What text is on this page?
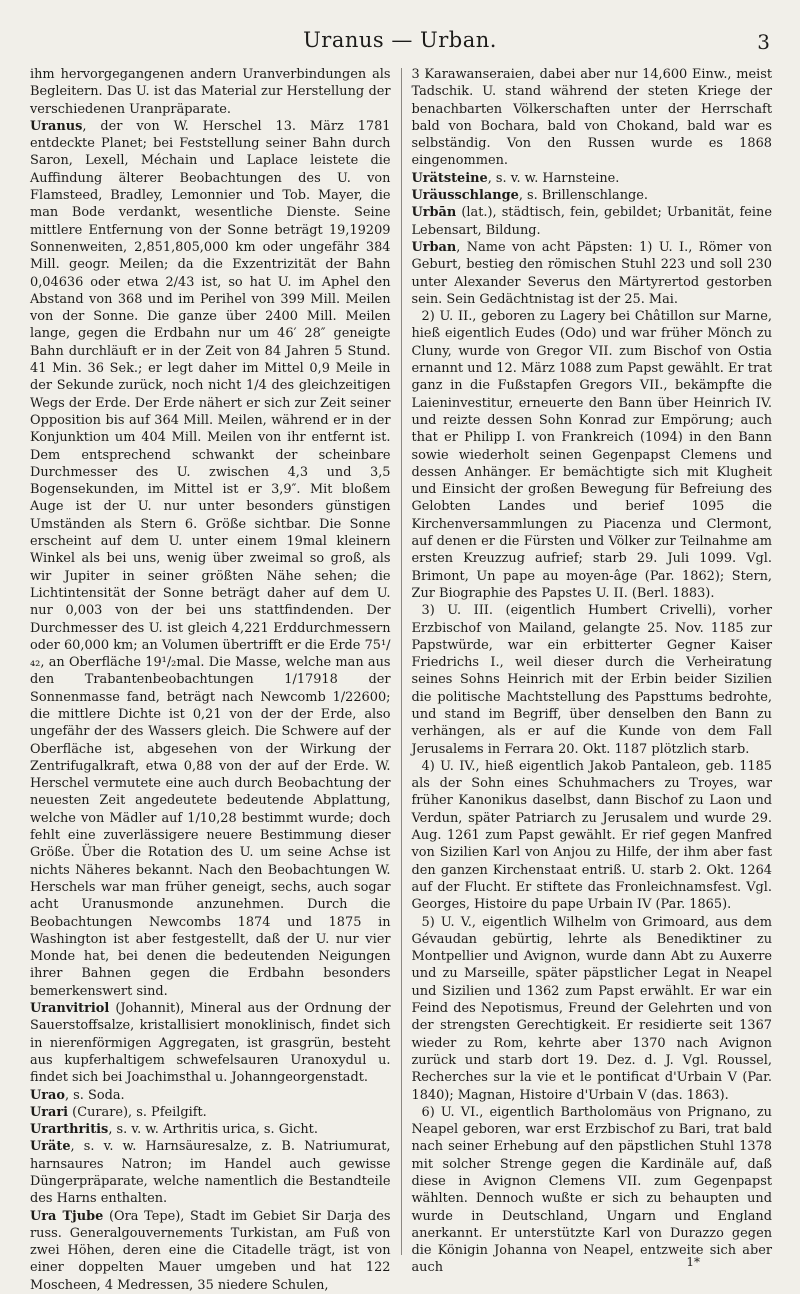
Uranus — Urban.	3

ihm hervorgegangenen andern Uranverbindungen als Begleitern. Das U. ist das Material zur Herstellung der verschiedenen Uranpräparate.

Uranus, der von W. Herschel 13. März 1781 entdeckte Planet; bei Feststellung seiner Bahn durch Saron, Lexell, Méchain und Laplace leistete die Auffindung älterer Beobachtungen des U. von Flamsteed, Bradley, Lemonnier und Tob. Mayer, die man Bode verdankt, wesentliche Dienste. Seine mittlere Entfernung von der Sonne beträgt 19,19209 Sonnenweiten, 2,851,805,000 km oder ungefähr 384 Mill. geogr. Meilen; da die Exzentrizität der Bahn 0,04636 oder etwa 2/43 ist, so hat U. im Aphel den Abstand von 368 und im Perihel von 399 Mill. Meilen von der Sonne. Die ganze über 2400 Mill. Meilen lange, gegen die Erdbahn nur um 46′ 28″ geneigte Bahn durchläuft er in der Zeit von 84 Jahren 5 Stund. 41 Min. 36 Sek.; er legt daher im Mittel 0,9 Meile in der Sekunde zurück, noch nicht 1/4 des gleichzeitigen Wegs der Erde. Der Erde nähert er sich zur Zeit seiner Opposition bis auf 364 Mill. Meilen, während er in der Konjunktion um 404 Mill. Meilen von ihr entfernt ist. Dem entsprechend schwankt der scheinbare Durchmesser des U. zwischen 4,3 und 3,5 Bogensekunden, im Mittel ist er 3,9″. Mit bloßem Auge ist der U. nur unter besonders günstigen Umständen als Stern 6. Größe sichtbar. Die Sonne erscheint auf dem U. unter einem 19mal kleinern Winkel als bei uns, wenig über zweimal so groß, als wir Jupiter in seiner größten Nähe sehen; die Lichtintensität der Sonne beträgt daher auf dem U. nur 0,003 von der bei uns stattfindenden. Der Durchmesser des U. ist gleich 4,221 Erddurchmessern oder 60,000 km; an Volumen übertrifft er die Erde 75¹/₄₂, an Oberfläche 19¹/₂mal. Die Masse, welche man aus den Trabantenbeobachtungen 1/17918 der Sonnenmasse fand, beträgt nach Newcomb 1/22600; die mittlere Dichte ist 0,21 von der der Erde, also ungefähr der des Wassers gleich. Die Schwere auf der Oberfläche ist, abgesehen von der Wirkung der Zentrifugalkraft, etwa 0,88 von der auf der Erde. W. Herschel vermutete eine auch durch Beobachtung der neuesten Zeit angedeutete bedeutende Abplattung, welche von Mädler auf 1/10,28 bestimmt wurde; doch fehlt eine zuverlässigere neuere Bestimmung dieser Größe. Über die Rotation des U. um seine Achse ist nichts Näheres bekannt. Nach den Beobachtungen W. Herschels war man früher geneigt, sechs, auch sogar acht Uranusmonde anzunehmen. Durch die Beobachtungen Newcombs 1874 und 1875 in Washington ist aber festgestellt, daß der U. nur vier Monde hat, bei denen die bedeutenden Neigungen ihrer Bahnen gegen die Erdbahn besonders bemerkenswert sind.

Uranvitriol (Johannit), Mineral aus der Ordnung der Sauerstoffsalze, kristallisiert monoklinisch, findet sich in nierenförmigen Aggregaten, ist grasgrün, besteht aus kupferhaltigem schwefelsauren Uranoxydul u. findet sich bei Joachimsthal u. Johanngeorgenstadt.

Urao, s. Soda.

Urari (Curare), s. Pfeilgift.

Urarthritis, s. v. w. Arthritis urica, s. Gicht.

Uräte, s. v. w. Harnsäuresalze, z. B. Natriumurat, harnsaures Natron; im Handel auch gewisse Düngerpräparate, welche namentlich die Bestandteile des Harns enthalten.

Ura Tjube (Ora Tepe), Stadt im Gebiet Sir Darja des russ. Generalgouvernements Turkistan, am Fuß von zwei Höhen, deren eine die Citadelle trägt, ist von einer doppelten Mauer umgeben und hat 122 Moscheen, 4 Medressen, 35 niedere Schulen,

3 Karawanseraien, dabei aber nur 14,600 Einw., meist Tadschik. U. stand während der steten Kriege der benachbarten Völkerschaften unter der Herrschaft bald von Bochara, bald von Chokand, bald war es selbständig. Von den Russen wurde es 1868 eingenommen.

Urätsteine, s. v. w. Harnsteine.

Uräusschlange, s. Brillenschlange.

Urbān (lat.), städtisch, fein, gebildet; Urbanität, feine Lebensart, Bildung.

Urban, Name von acht Päpsten: 1) U. I., Römer von Geburt, bestieg den römischen Stuhl 223 und soll 230 unter Alexander Severus den Märtyrertod gestorben sein. Sein Gedächtnistag ist der 25. Mai.

2) U. II., geboren zu Lagery bei Châtillon sur Marne, hieß eigentlich Eudes (Odo) und war früher Mönch zu Cluny, wurde von Gregor VII. zum Bischof von Ostia ernannt und 12. März 1088 zum Papst gewählt. Er trat ganz in die Fußstapfen Gregors VII., bekämpfte die Laieninvestitur, erneuerte den Bann über Heinrich IV. und reizte dessen Sohn Konrad zur Empörung; auch that er Philipp I. von Frankreich (1094) in den Bann sowie wiederholt seinen Gegenpapst Clemens und dessen Anhänger. Er bemächtigte sich mit Klugheit und Einsicht der großen Bewegung für Befreiung des Gelobten Landes und berief 1095 die Kirchenversammlungen zu Piacenza und Clermont, auf denen er die Fürsten und Völker zur Teilnahme am ersten Kreuzzug aufrief; starb 29. Juli 1099. Vgl. Brimont, Un pape au moyen-âge (Par. 1862); Stern, Zur Biographie des Papstes U. II. (Berl. 1883).

3) U. III. (eigentlich Humbert Crivelli), vorher Erzbischof von Mailand, gelangte 25. Nov. 1185 zur Papstwürde, war ein erbitterter Gegner Kaiser Friedrichs I., weil dieser durch die Verheiratung seines Sohns Heinrich mit der Erbin beider Sizilien die politische Machtstellung des Papsttums bedrohte, und stand im Begriff, über denselben den Bann zu verhängen, als er auf die Kunde von dem Fall Jerusalems in Ferrara 20. Okt. 1187 plötzlich starb.

4) U. IV., hieß eigentlich Jakob Pantaleon, geb. 1185 als der Sohn eines Schuhmachers zu Troyes, war früher Kanonikus daselbst, dann Bischof zu Laon und Verdun, später Patriarch zu Jerusalem und wurde 29. Aug. 1261 zum Papst gewählt. Er rief gegen Manfred von Sizilien Karl von Anjou zu Hilfe, der ihm aber fast den ganzen Kirchenstaat entriß. U. starb 2. Okt. 1264 auf der Flucht. Er stiftete das Fronleichnamsfest. Vgl. Georges, Histoire du pape Urbain IV (Par. 1865).

5) U. V., eigentlich Wilhelm von Grimoard, aus dem Gévaudan gebürtig, lehrte als Benediktiner zu Montpellier und Avignon, wurde dann Abt zu Auxerre und zu Marseille, später päpstlicher Legat in Neapel und Sizilien und 1362 zum Papst erwählt. Er war ein Feind des Nepotismus, Freund der Gelehrten und von der strengsten Gerechtigkeit. Er residierte seit 1367 wieder zu Rom, kehrte aber 1370 nach Avignon zurück und starb dort 19. Dez. d. J. Vgl. Roussel, Recherches sur la vie et le pontificat d'Urbain V (Par. 1840); Magnan, Histoire d'Urbain V (das. 1863).

6) U. VI., eigentlich Bartholomäus von Prignano, zu Neapel geboren, war erst Erzbischof zu Bari, trat bald nach seiner Erhebung auf den päpstlichen Stuhl 1378 mit solcher Strenge gegen die Kardinäle auf, daß diese in Avignon Clemens VII. zum Gegenpapst wählten. Dennoch wußte er sich zu behaupten und wurde in Deutschland, Ungarn und England anerkannt. Er unterstützte Karl von Durazzo gegen die Königin Johanna von Neapel, entzweite sich aber auch	1*
